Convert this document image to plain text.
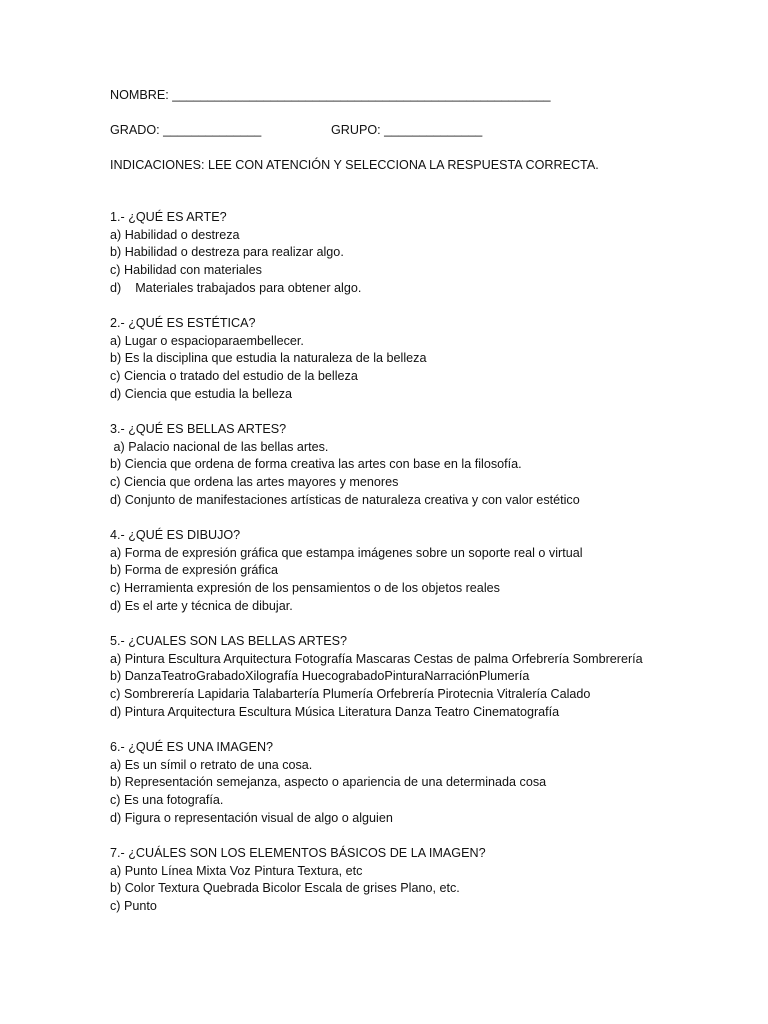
NOMBRE: ______________________________________________________
GRADO: ______________	GRUPO: ______________
INDICACIONES: LEE CON ATENCIÓN Y SELECCIONA LA RESPUESTA CORRECTA.
1.- ¿QUÉ ES ARTE?
a) Habilidad o destreza
b) Habilidad o destreza para realizar algo.
c) Habilidad con materiales
d)    Materiales trabajados para obtener algo.
2.- ¿QUÉ ES ESTÉTICA?
a) Lugar o espacioparaembellecer.
b) Es la disciplina que estudia la naturaleza de la belleza
c) Ciencia o tratado del estudio de la belleza
d) Ciencia que estudia la belleza
3.- ¿QUÉ ES BELLAS ARTES?
a) Palacio nacional de las bellas artes.
b) Ciencia que ordena de forma creativa las artes con base en la filosofía.
c) Ciencia que ordena las artes mayores y menores
d) Conjunto de manifestaciones artísticas de naturaleza creativa y con valor estético
4.- ¿QUÉ ES DIBUJO?
a) Forma de expresión gráfica que estampa imágenes sobre un soporte real o virtual
b) Forma de expresión gráfica
c) Herramienta expresión de los pensamientos o de los objetos reales
d) Es el arte y técnica de dibujar.
5.- ¿CUALES SON LAS BELLAS ARTES?
a) Pintura Escultura Arquitectura Fotografía Mascaras Cestas de palma Orfebrería Sombrerería
b) DanzaTeatroGrabadoXilografía HuecograbadoPinturaNarraciónPlumería
c) Sombrerería Lapidaria Talabartería Plumería Orfebrería Pirotecnia Vitralería Calado
d) Pintura Arquitectura Escultura Música Literatura Danza Teatro Cinematografía
6.- ¿QUÉ ES UNA IMAGEN?
a) Es un símil o retrato de una cosa.
b) Representación semejanza, aspecto o apariencia de una determinada cosa
c) Es una fotografía.
d) Figura o representación visual de algo o alguien
7.- ¿CUÁLES SON LOS ELEMENTOS BÁSICOS DE LA IMAGEN?
a) Punto Línea Mixta Voz Pintura Textura, etc
b) Color Textura Quebrada Bicolor Escala de grises Plano, etc.
c) Punto
